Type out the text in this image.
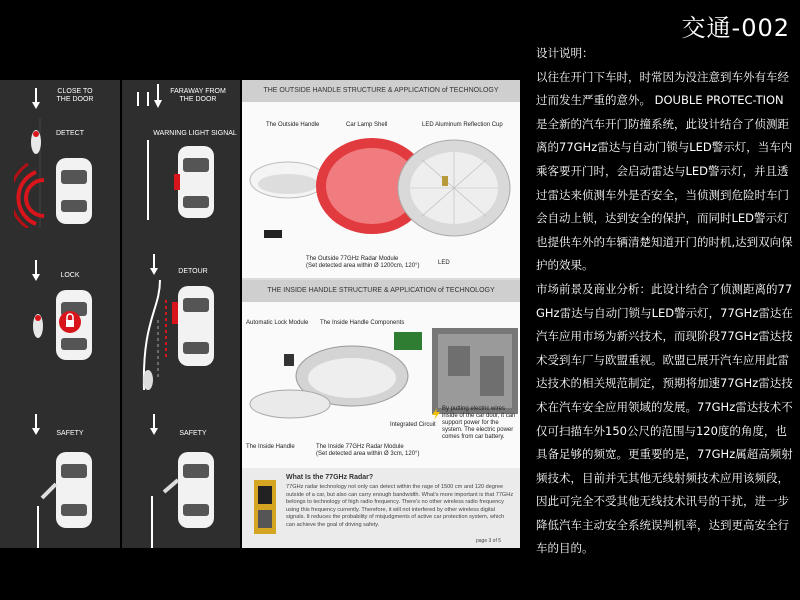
交通-002
CLOSE TO
THE DOOR
DETECT
LOCK
SAFETY
FARAWAY FROM
THE DOOR
WARNING LIGHT SIGNAL
DETOUR
SAFETY
THE OUTSIDE HANDLE STRUCTURE & APPLICATION of TECHNOLOGY
The Outside Handle	Car Lamp Shell	LED Aluminum Reflection Cup
The Outside 77GHz Radar Module
(Set detected area within Ø 1200cm, 120°)	LED
THE INSIDE HANDLE STRUCTURE & APPLICATION of TECHNOLOGY
Automatic Lock Module The Inside Handle Components
The Inside Handle	The Inside 77GHz Radar Module
(Set detected area within Ø 3cm, 120°)
Integrated Circuit
By putting electric wires inside of the car door, it can support power for the system. The electric power comes from car battery.
What Is the 77GHz Radar?
77GHz radar technology not only can detect within the rage of 1500 cm and 120 degree outside of a car, but also can carry enough bandwidth. What's more important is that 77GHz belongs to technology of high radio frequency. There's no other wireless radio frequency using this frequency currently. Therefore, it will not interfered by other wireless digital signals. It reduces the probability of misjudgments of active car protection system, which can achieve the goal of driving safety.
page 3 of 5

设计说明：

以往在开门下车时，时常因为没注意到车外有车经过而发生严重的意外。 DOUBLE PROTEC-TION是全新的汽车开门防撞系统，此设计结合了侦测距离的77GHz雷达与自动门锁与LED警示灯，当车内乘客要开门时，会启动雷达与LED警示灯，并且透过雷达来侦测车外是否安全，当侦测到危险时车门会自动上锁，达到安全的保护，而同时LED警示灯也提供车外的车辆清楚知道开门的时机,达到双向保护的效果。

市场前景及商业分析：此设计结合了侦测距离的77GHz雷达与自动门锁与LED警示灯，77GHz雷达在汽车应用市场为新兴技术，而现阶段77GHz雷达技术受到车厂与欧盟重视。欧盟已展开汽车应用此雷达技术的相关规范制定，预期将加速77GHz雷达技术在汽车安全应用领域的发展。77GHz雷达技术不仅可扫描车外150公尺的范围与120度的角度，也具备足够的频宽。更重要的是，77GHz属超高频射频技术，目前并无其他无线射频技术应用该频段，因此可完全不受其他无线技术讯号的干扰，进一步降低汽车主动安全系统误判机率，达到更高安全行车的目的。
